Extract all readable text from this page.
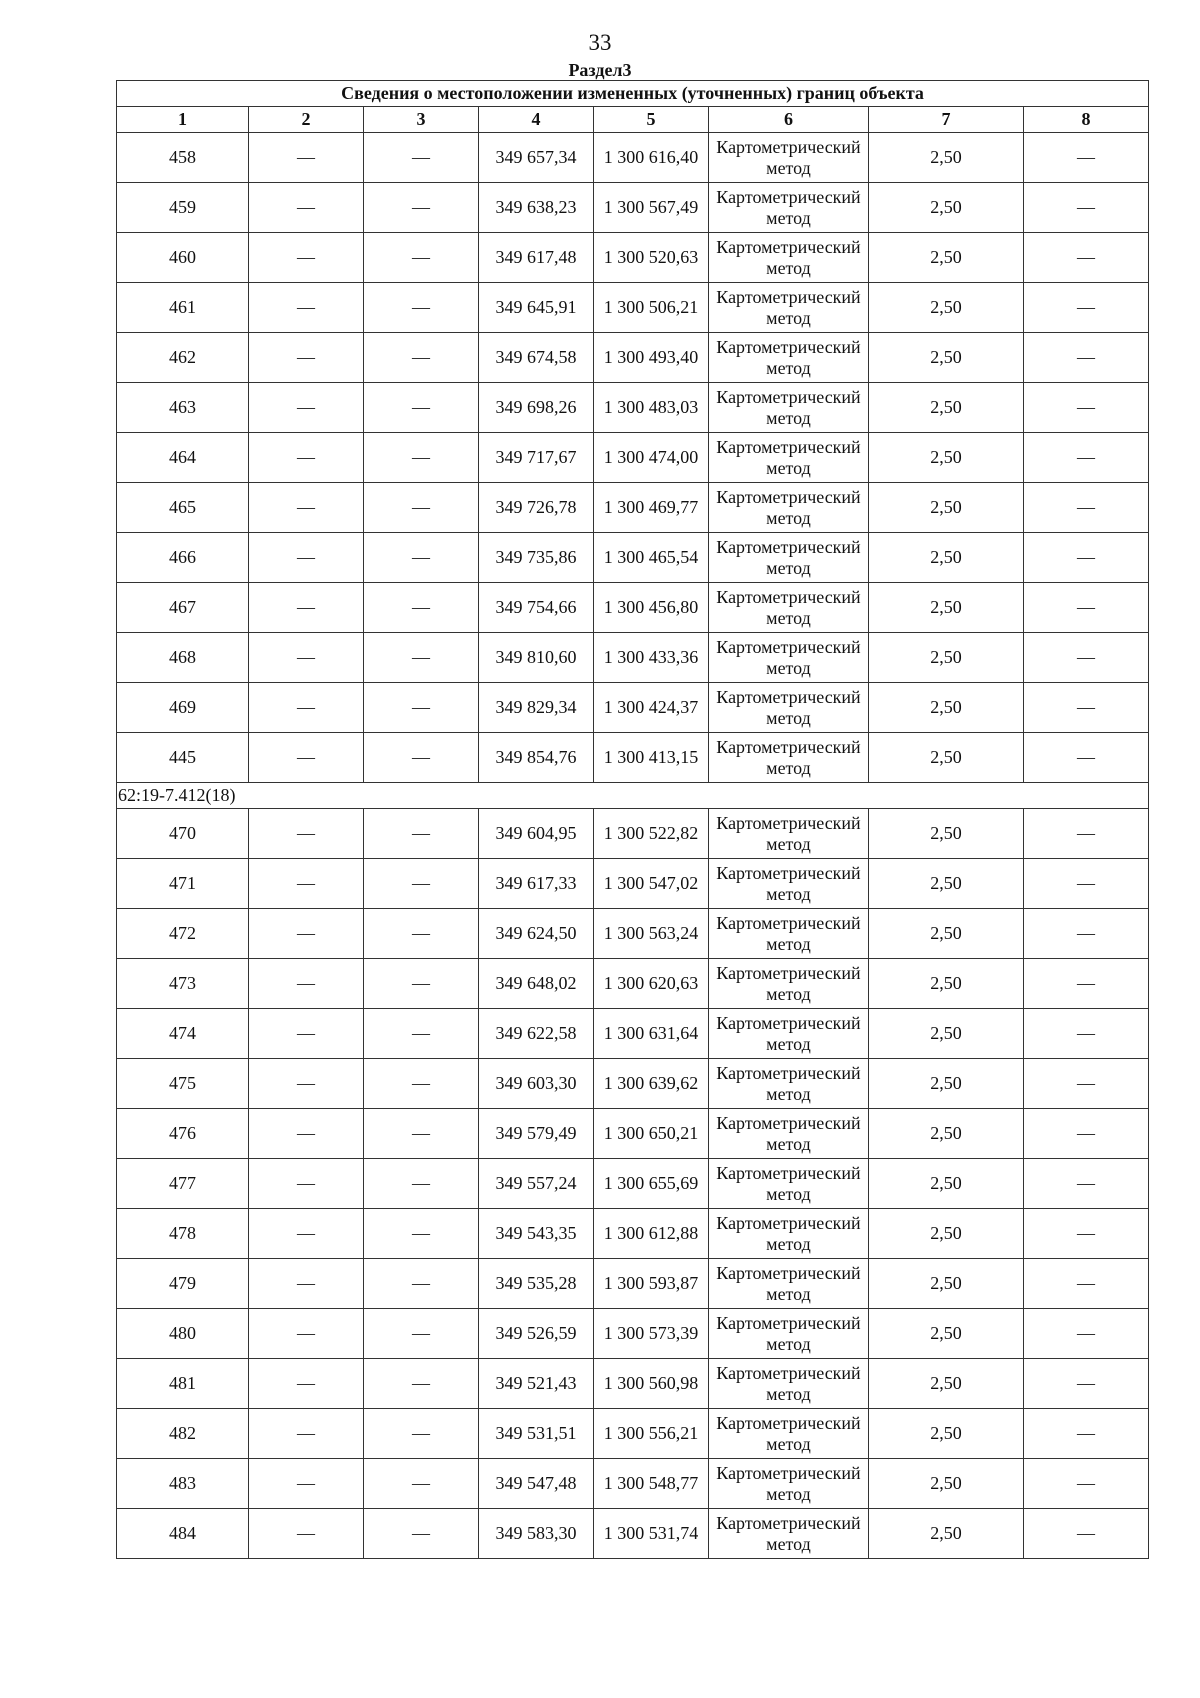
33
Раздел3
Сведения о местоположении измененных (уточненных) границ объекта							
1	2	3	4	5	6	7	8
458	—	—	349 657,34	1 300 616,40	Картометрический метод	2,50	—
459	—	—	349 638,23	1 300 567,49	Картометрический метод	2,50	—
460	—	—	349 617,48	1 300 520,63	Картометрический метод	2,50	—
461	—	—	349 645,91	1 300 506,21	Картометрический метод	2,50	—
462	—	—	349 674,58	1 300 493,40	Картометрический метод	2,50	—
463	—	—	349 698,26	1 300 483,03	Картометрический метод	2,50	—
464	—	—	349 717,67	1 300 474,00	Картометрический метод	2,50	—
465	—	—	349 726,78	1 300 469,77	Картометрический метод	2,50	—
466	—	—	349 735,86	1 300 465,54	Картометрический метод	2,50	—
467	—	—	349 754,66	1 300 456,80	Картометрический метод	2,50	—
468	—	—	349 810,60	1 300 433,36	Картометрический метод	2,50	—
469	—	—	349 829,34	1 300 424,37	Картометрический метод	2,50	—
445	—	—	349 854,76	1 300 413,15	Картометрический метод	2,50	—
62:19-7.412(18)							
470	—	—	349 604,95	1 300 522,82	Картометрический метод	2,50	—
471	—	—	349 617,33	1 300 547,02	Картометрический метод	2,50	—
472	—	—	349 624,50	1 300 563,24	Картометрический метод	2,50	—
473	—	—	349 648,02	1 300 620,63	Картометрический метод	2,50	—
474	—	—	349 622,58	1 300 631,64	Картометрический метод	2,50	—
475	—	—	349 603,30	1 300 639,62	Картометрический метод	2,50	—
476	—	—	349 579,49	1 300 650,21	Картометрический метод	2,50	—
477	—	—	349 557,24	1 300 655,69	Картометрический метод	2,50	—
478	—	—	349 543,35	1 300 612,88	Картометрический метод	2,50	—
479	—	—	349 535,28	1 300 593,87	Картометрический метод	2,50	—
480	—	—	349 526,59	1 300 573,39	Картометрический метод	2,50	—
481	—	—	349 521,43	1 300 560,98	Картометрический метод	2,50	—
482	—	—	349 531,51	1 300 556,21	Картометрический метод	2,50	—
483	—	—	349 547,48	1 300 548,77	Картометрический метод	2,50	—
484	—	—	349 583,30	1 300 531,74	Картометрический метод	2,50	—
